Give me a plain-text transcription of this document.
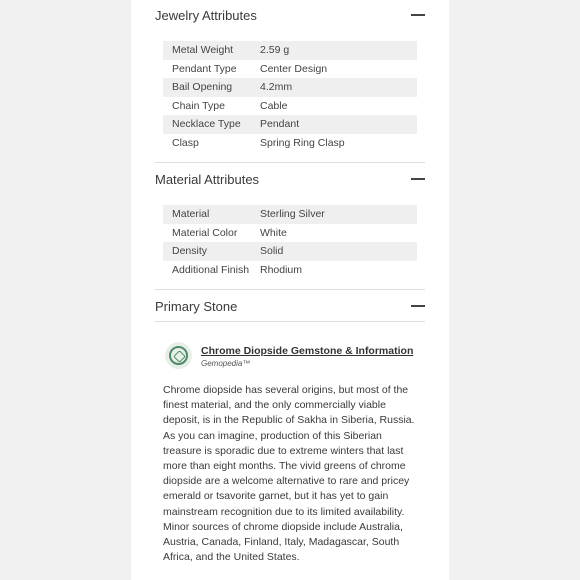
Jewelry Attributes
Metal Weight	2.59 g
Pendant Type	Center Design
Bail Opening	4.2mm
Chain Type	Cable
Necklace Type	Pendant
Clasp	Spring Ring Clasp
Material Attributes
Material	Sterling Silver
Material Color	White
Density	Solid
Additional Finish	Rhodium
Primary Stone
Chrome Diopside Gemstone & Information
Gemopedia™

Chrome diopside has several origins, but most of the finest material, and the only commercially viable deposit, is in the Republic of Sakha in Siberia, Russia. As you can imagine, production of this Siberian treasure is sporadic due to extreme winters that last more than eight months. The vivid greens of chrome diopside are a welcome alternative to rare and pricey emerald or tsavorite garnet, but it has yet to gain mainstream recognition due to its limited availability. Minor sources of chrome diopside include Australia, Austria, Canada, Finland, Italy, Madagascar, South Africa, and the United States.
